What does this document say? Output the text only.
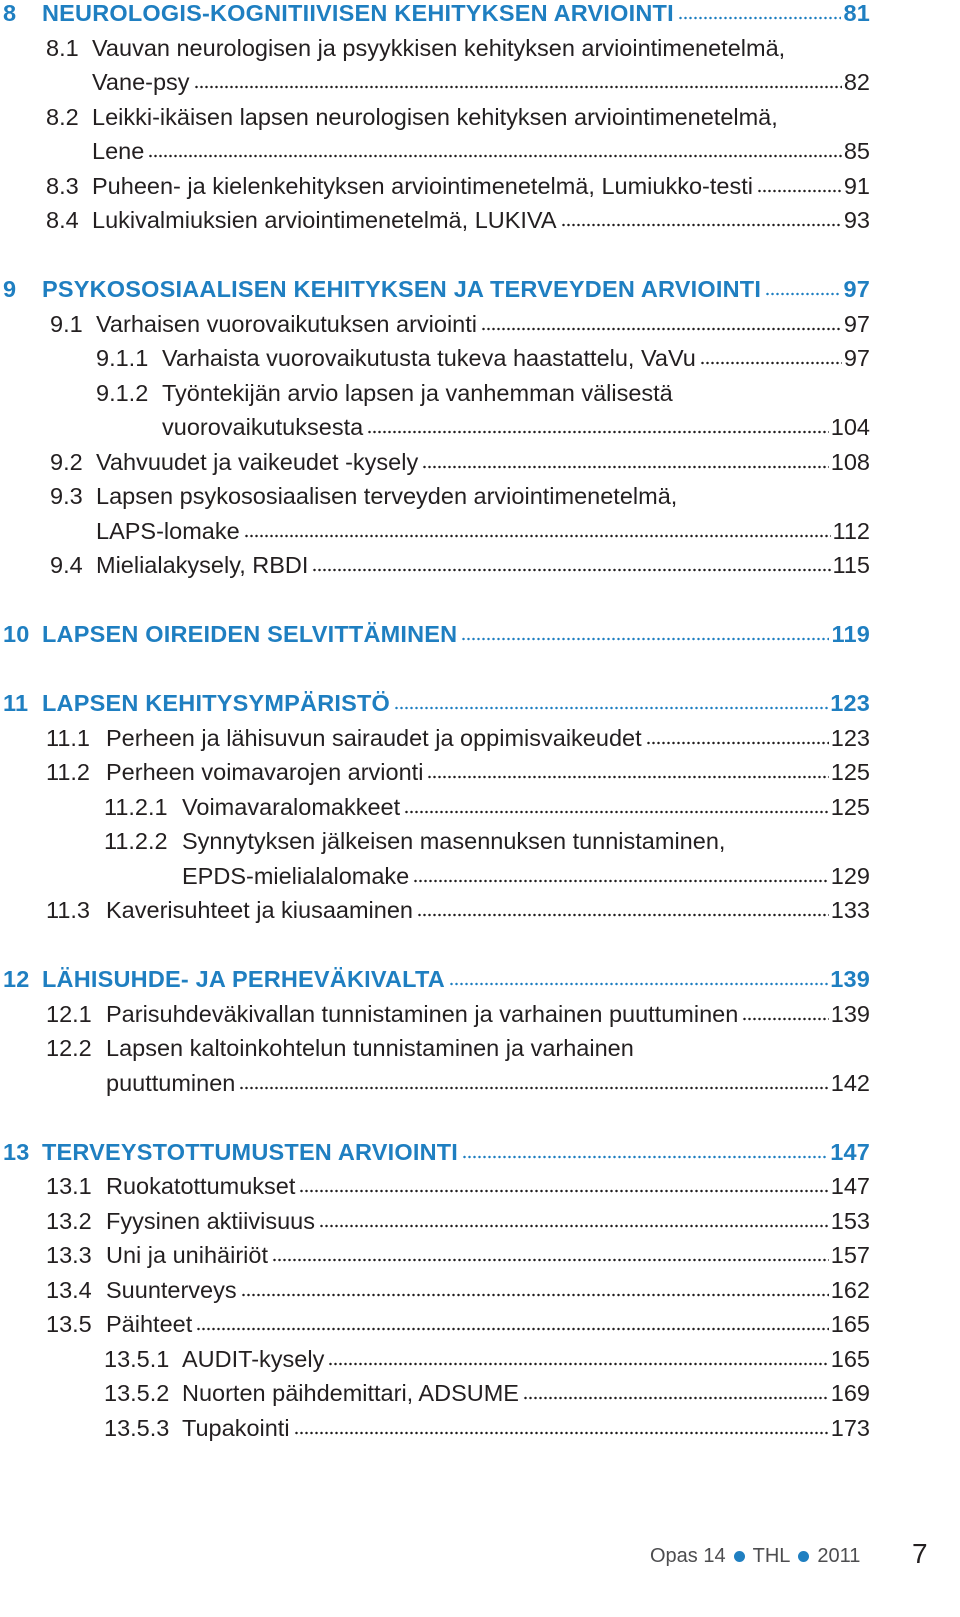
8	NEUROLOGIS-KOGNITIIVISEN KEHITYKSEN ARVIOINTI	81
8.1 Vauvan neurologisen ja psyykkisen kehityksen arviointimenetelmä,
Vane-psy	82
8.2 Leikki-ikäisen lapsen neurologisen kehityksen arviointimenetelmä,
Lene	85
8.3 Puheen- ja kielenkehityksen arviointimenetelmä, Lumiukko-testi	91
8.4 Lukivalmiuksien arviointimenetelmä, LUKIVA	93
9	PSYKOSOSIAALISEN KEHITYKSEN JA TERVEYDEN ARVIOINTI	97
9.1 Varhaisen vuorovaikutuksen arviointi	97
9.1.1 Varhaista vuorovaikutusta tukeva haastattelu, VaVu	97
9.1.2 Työntekijän arvio lapsen ja vanhemman välisestä
vuorovaikutuksesta	104
9.2 Vahvuudet ja vaikeudet -kysely	108
9.3 Lapsen psykososiaalisen terveyden arviointimenetelmä,
LAPS-lomake	112
9.4 Mielialakysely, RBDI	115
10 LAPSEN OIREIDEN SELVITTÄMINEN	119
11 LAPSEN KEHITYSYMPÄRISTÖ	123
11.1 Perheen ja lähisuvun sairaudet ja oppimisvaikeudet	123
11.2 Perheen voimavarojen arvionti	125
11.2.1 Voimavaralomakkeet	125
11.2.2 Synnytyksen jälkeisen masennuksen tunnistaminen,
EPDS-mielialalomake	129
11.3 Kaverisuhteet ja kiusaaminen	133
12 LÄHISUHDE- JA PERHEVÄKIVALTA	139
12.1 Parisuhdeväkivallan tunnistaminen ja varhainen puuttuminen	139
12.2 Lapsen kaltoinkohtelun tunnistaminen ja varhainen
puuttuminen	142
13 TERVEYSTOTTUMUSTEN ARVIOINTI	147
13.1 Ruokatottumukset	147
13.2 Fyysinen aktiivisuus	153
13.3 Uni ja unihäiriöt	157
13.4 Suunterveys	162
13.5 Päihteet	165
13.5.1 AUDIT-kysely	165
13.5.2 Nuorten päihdemittari, ADSUME	169
13.5.3 Tupakointi	173
Opas 14 THL 2011 7
